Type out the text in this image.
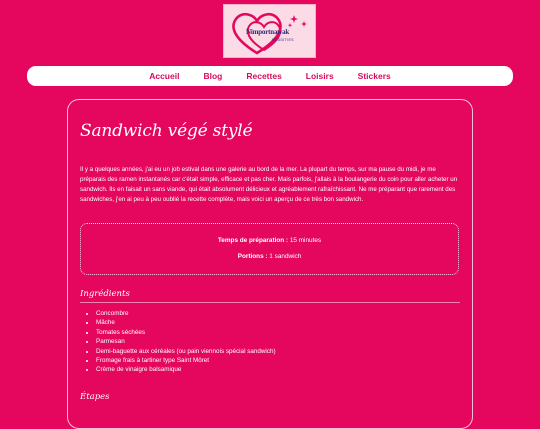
Nimportnawak
NEDDITIES
Accueil	Blog	Recettes	Loisirs	Stickers
Sandwich végé stylé

Il y a quelques années, j'ai eu un job estival dans une galerie au bord de la mer. La plupart du temps, sur ma pause du midi, je me préparais des ramen instantanés car c'était simple, efficace et pas cher. Mais parfois, j'allais à la boulangerie du coin pour aller acheter un sandwich. Ils en faisait un sans viande, qui était absolument délicieux et agréablement rafraîchissant. Ne me préparant que rarement des sandwiches, j'en ai peu à peu oublié la recette complète, mais voici un aperçu de ce très bon sandwich.

Temps de préparation : 15 minutes
Portions : 1 sandwich
Ingrédients
• Concombre
• Mâche
• Tomates séchées
• Parmesan
• Demi-baguette aux céréales (ou pain viennois spécial sandwich)
• Fromage frais à tartiner type Saint Môret
• Crème de vinaigre balsamique
Étapes
